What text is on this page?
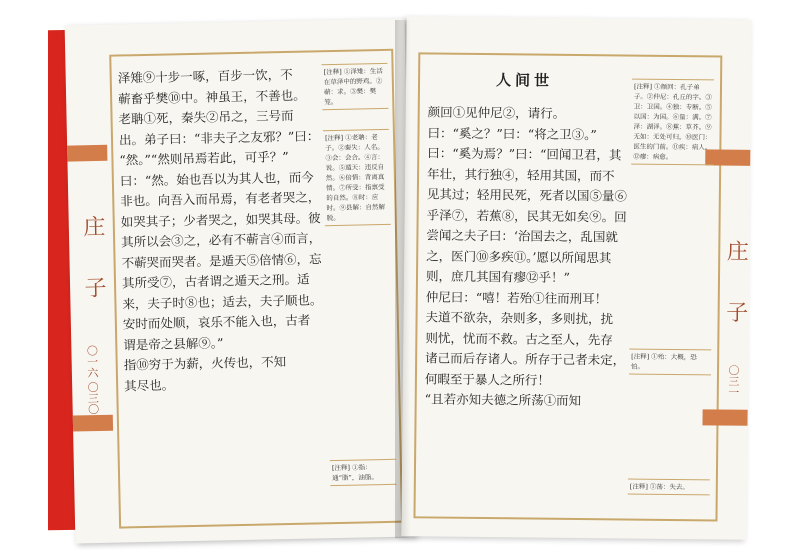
庄 子
〇一六 〇三〇
泽雉⑨十步一啄，百步一饮，不
蕲畜乎樊⑩中。神虽王，不善也。
老聃①死，秦失②吊之，三号而
出。弟子曰：“非夫子之友邪？”曰：
“然。”“然则吊焉若此，可乎？”
曰：“然。始也吾以为其人也，而今
非也。向吾入而吊焉，有老者哭之，
如哭其子；少者哭之，如哭其母。彼
其所以会③之，必有不蕲言④而言，
不蕲哭而哭者。是遁天⑤倍情⑥，忘
其所受⑦，古者谓之遁天之刑。适
来，夫子时⑧也；适去，夫子顺也。
安时而处顺，哀乐不能入也，古者
谓是帝之县解⑨。”
指⑩穷于为薪，火传也，不知
其尽也。
[注释] ①泽雉：生活在草泽中的野鸡。②蕲：求。③樊：樊笼。
[注释] ①老聃：老子。②秦失：人名。③会：会合。④言：说。⑤遁天：违反自然。⑥倍情：背离真情。⑦所受：指禀受的自然。⑧时：应时。⑨县解：自然解脱。
[注释] ①指：通“脂”，油脂。
人间世
庄 子
〇三一
颜回①见仲尼②，请行。
曰：“奚之？”曰：“将之卫③。”
曰：“奚为焉？”曰：“回闻卫君，其
年壮，其行独④，轻用其国，而不
见其过；轻用民死，死者以国⑤量⑥
乎泽⑦，若蕉⑧，民其无如矣⑨。回
尝闻之夫子曰：‘治国去之，乱国就
之，医门⑩多疾⑪。’愿以所闻思其
则，庶几其国有瘳⑫乎！”
仲尼曰：“嘻！若殆①往而刑耳！
夫道不欲杂，杂则多，多则扰，扰
则忧，忧而不救。古之至人，先存
诸己而后存诸人。所存于己者未定，
何暇至于暴人之所行！
“且若亦知夫德之所荡①而知
[注释] ①颜回：孔子弟子。②仲尼：孔丘的字。③卫：卫国。④独：专断。⑤以国：为国。⑥量：满。⑦泽：湖泽。⑧蕉：草芥。⑨无如：无处可归。⑩医门：医生的门前。⑪疾：病人。⑫瘳：病愈。
[注释] ①殆：大概，恐怕。
[注释] ①荡：失去。
